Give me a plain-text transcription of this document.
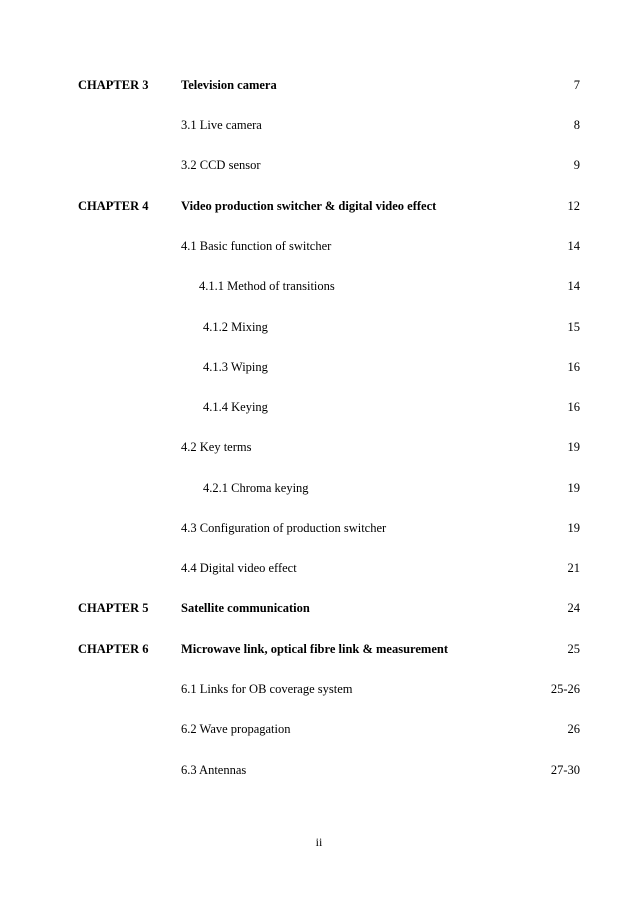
CHAPTER 3	Television camera	7
3.1 Live camera	8
3.2 CCD sensor	9
CHAPTER 4	Video production switcher & digital video effect	12
4.1 Basic function of switcher	14
4.1.1 Method of transitions	14
4.1.2 Mixing	15
4.1.3 Wiping	16
4.1.4 Keying	16
4.2 Key terms	19
4.2.1 Chroma keying	19
4.3 Configuration of production switcher	19
4.4 Digital video effect	21
CHAPTER 5	Satellite communication	24
CHAPTER 6	Microwave link, optical fibre link & measurement	25
6.1 Links for OB coverage system	25-26
6.2 Wave propagation	26
6.3 Antennas	27-30
ii
